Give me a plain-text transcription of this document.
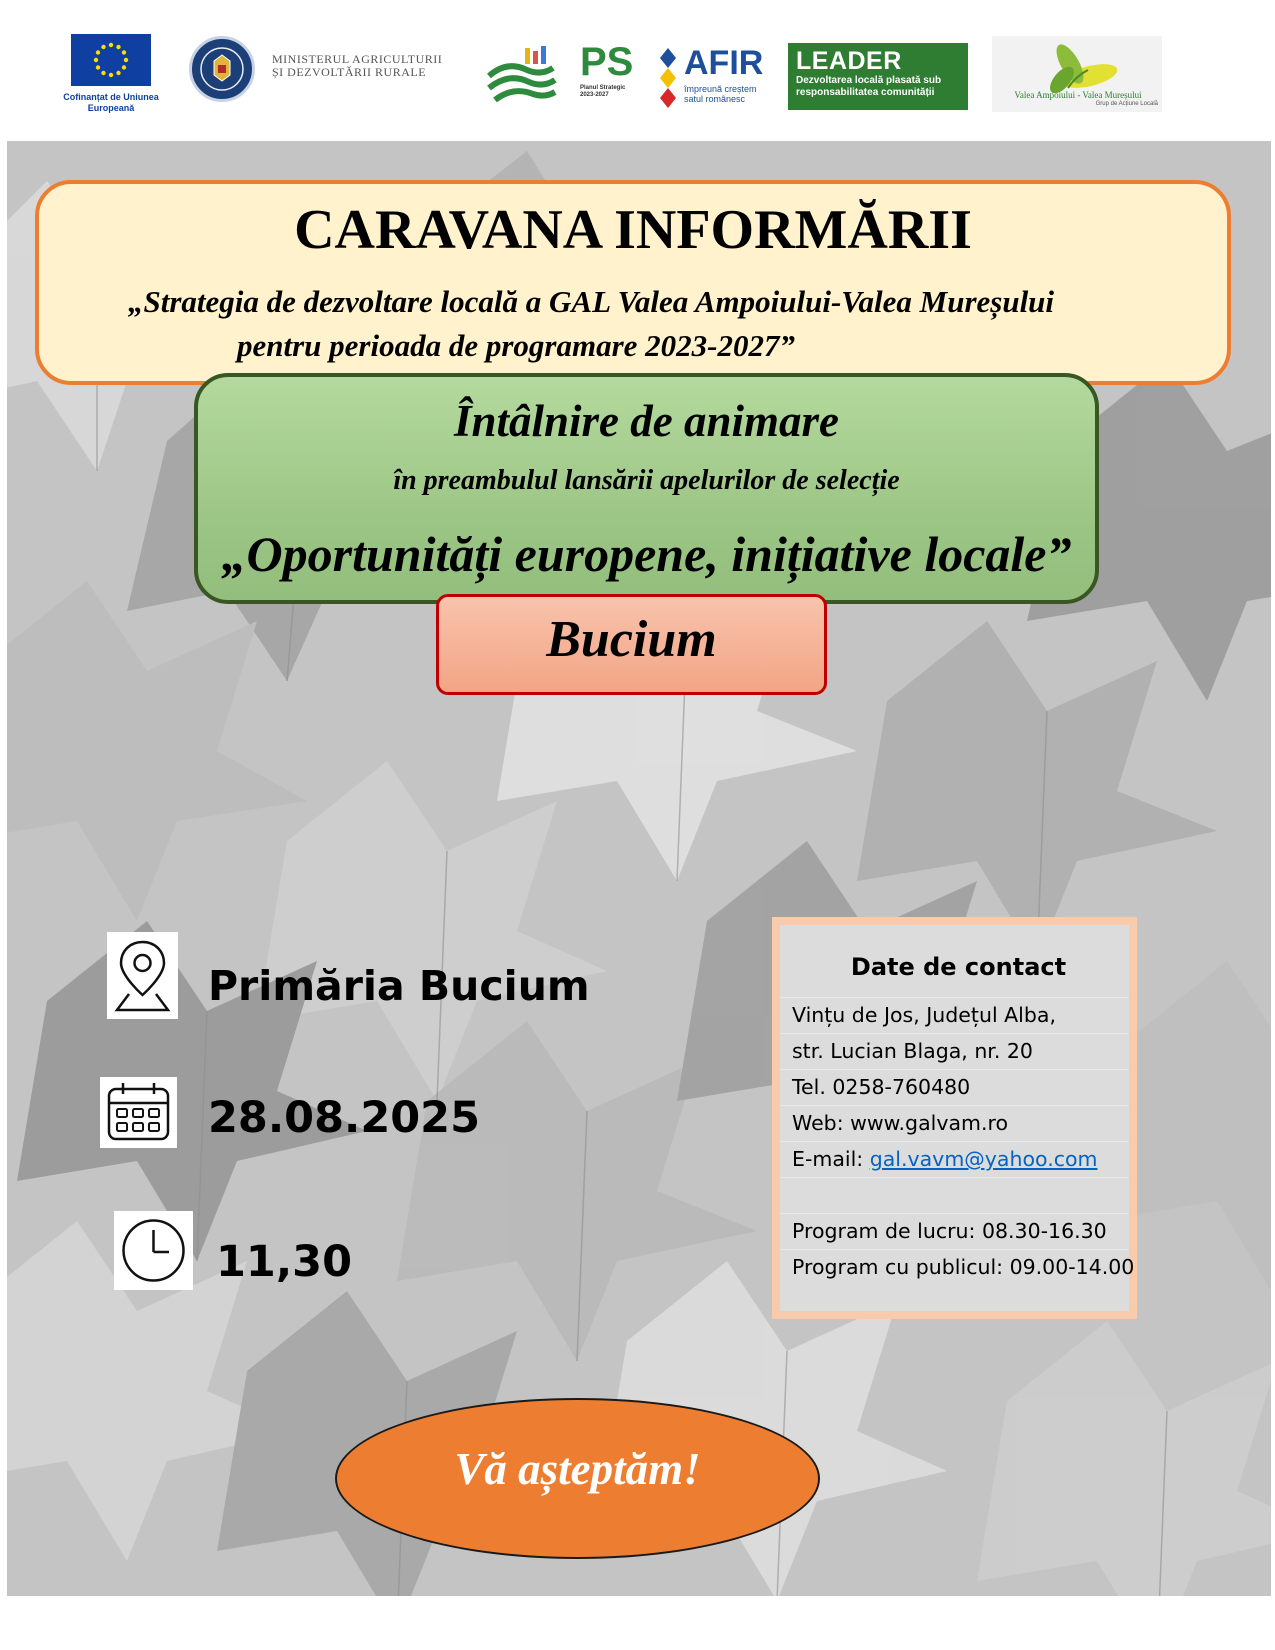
Cofinanțat de Uniunea Europeană
MINISTERUL AGRICULTURII
ȘI DEZVOLTĂRII RURALE	PS
Planul Strategic 2023-2027
AFIR
împreună creștem satul românesc
LEADER
Dezvoltarea locală plasată sub responsabilitatea comunității	Valea Ampoiului - Valea Mureșului
Grup de Acțiune Locală
CARAVANA INFORMĂRII
„Strategia de dezvoltare locală a GAL Valea Ampoiului-Valea Mureșului
pentru perioada de programare 2023-2027”
Întâlnire de animare
în preambulul lansării apelurilor de selecție
„Oportunități europene, inițiative locale”
Bucium
Primăria Bucium
28.08.2025
11,30
Date de contact
Vințu de Jos, Județul Alba,
str. Lucian Blaga, nr. 20
Tel. 0258-760480
Web: www.galvam.ro
E-mail: gal.vavm@yahoo.com
Program de lucru: 08.30-16.30
Program cu publicul: 09.00-14.00
Vă așteptăm!
